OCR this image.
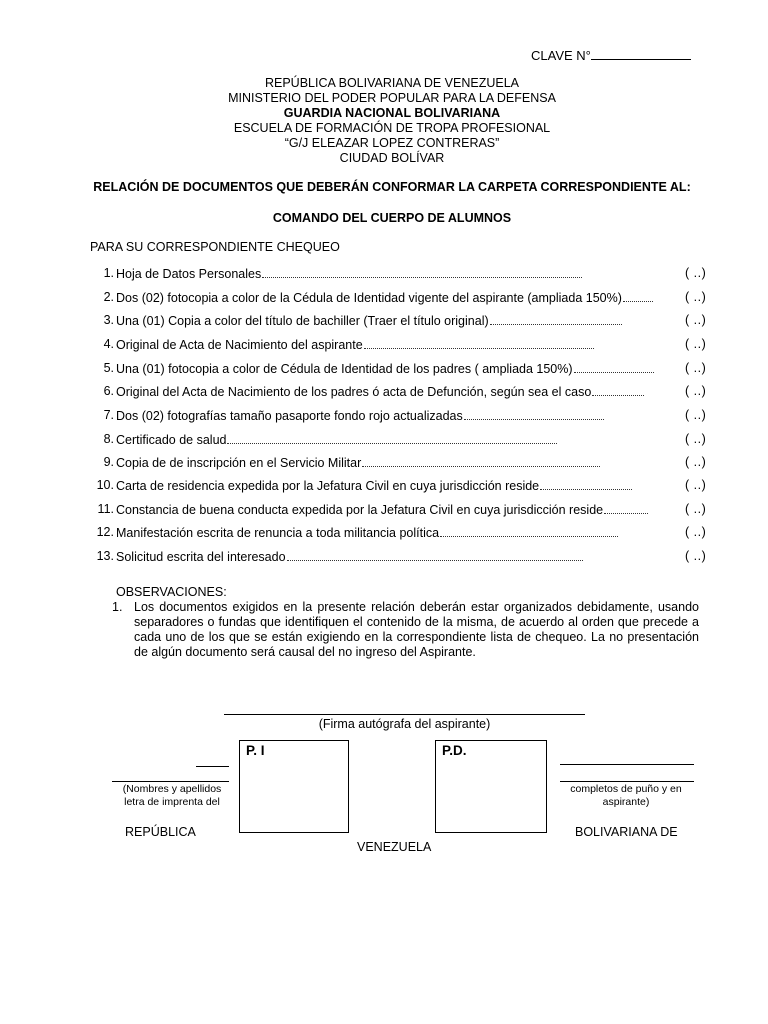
CLAVE N°
REPÚBLICA BOLIVARIANA DE VENEZUELA
MINISTERIO DEL PODER POPULAR PARA LA DEFENSA
GUARDIA NACIONAL BOLIVARIANA
ESCUELA DE FORMACIÓN DE TROPA PROFESIONAL
“G/J ELEAZAR LOPEZ CONTRERAS”
CIUDAD BOLÍVAR
RELACIÓN DE DOCUMENTOS QUE DEBERÁN CONFORMAR LA CARPETA CORRESPONDIENTE AL:
COMANDO DEL CUERPO DE ALUMNOS
PARA SU CORRESPONDIENTE CHEQUEO
1. Hoja de Datos Personales	( ..)
2. Dos (02) fotocopia a color de la Cédula de Identidad vigente del aspirante (ampliada 150%)	( ..)
3. Una (01) Copia a color del título de bachiller (Traer el título original)	( ..)
4. Original de Acta de Nacimiento del aspirante	( ..)
5. Una (01) fotocopia a color de Cédula de Identidad de los padres ( ampliada 150%)	( ..)
6. Original del Acta de Nacimiento de los padres ó acta de Defunción, según sea el caso	( ..)
7. Dos (02) fotografías tamaño pasaporte fondo rojo actualizadas	( ..)
8. Certificado de salud	( ..)
9. Copia de de inscripción en el Servicio Militar	( ..)
10. Carta de residencia expedida por la Jefatura Civil en cuya jurisdicción reside	( ..)
11. Constancia de buena conducta expedida por la Jefatura Civil en cuya jurisdicción reside	( ..)
12. Manifestación escrita de renuncia a toda militancia política	( ..)
13. Solicitud escrita del interesado	( ..)
OBSERVACIONES:
1. Los documentos exigidos en la presente relación deberán estar organizados debidamente, usando separadores o fundas que identifiquen el contenido de la misma, de acuerdo al orden que precede a cada uno de los que se están exigiendo en la correspondiente lista de chequeo. La no presentación de algún documento será causal del no ingreso del Aspirante.
(Firma autógrafa del aspirante)
(Nombres y apellidos
letra de imprenta del
P. I	P.D.
completos de puño y en
aspirante)
REPÚBLICA	BOLIVARIANA DE
VENEZUELA
